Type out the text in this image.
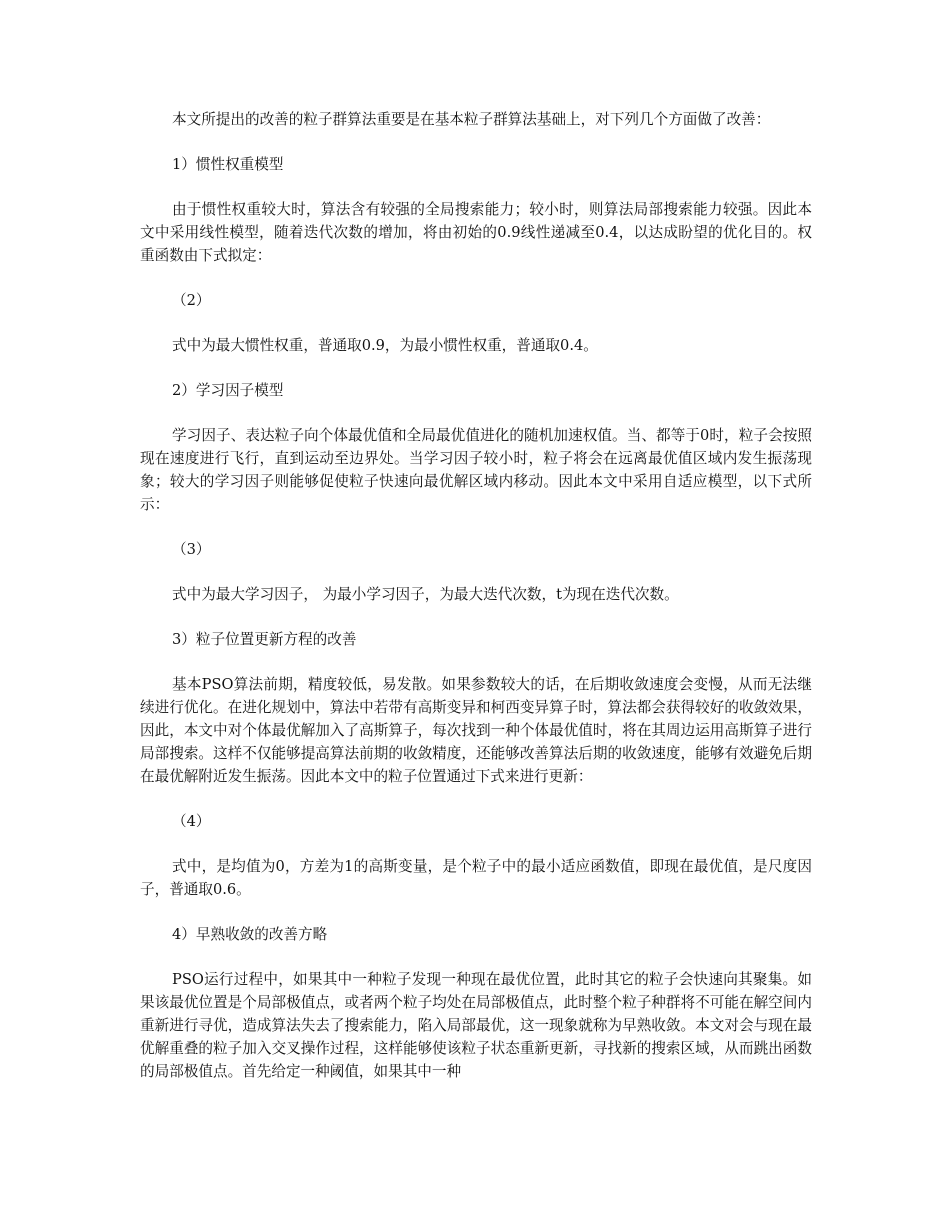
本文所提出的改善的粒子群算法重要是在基本粒子群算法基础上，对下列几个方面做了改善：

1）惯性权重模型

由于惯性权重较大时，算法含有较强的全局搜索能力；较小时，则算法局部搜索能力较强。因此本文中采用线性模型，随着迭代次数的增加，将由初始的0.9线性递减至0.4，以达成盼望的优化目的。权重函数由下式拟定：

（2）

式中为最大惯性权重，普通取0.9，为最小惯性权重，普通取0.4。

2）学习因子模型

学习因子、表达粒子向个体最优值和全局最优值进化的随机加速权值。当、都等于0时，粒子会按照现在速度进行飞行，直到运动至边界处。当学习因子较小时，粒子将会在远离最优值区域内发生振荡现象；较大的学习因子则能够促使粒子快速向最优解区域内移动。因此本文中采用自适应模型，以下式所示：

（3）

式中为最大学习因子， 为最小学习因子，为最大迭代次数，t为现在迭代次数。

3）粒子位置更新方程的改善

基本PSO算法前期，精度较低，易发散。如果参数较大的话，在后期收敛速度会变慢，从而无法继续进行优化。在进化规划中，算法中若带有高斯变异和柯西变异算子时，算法都会获得较好的收敛效果，因此，本文中对个体最优解加入了高斯算子，每次找到一种个体最优值时，将在其周边运用高斯算子进行局部搜索。这样不仅能够提高算法前期的收敛精度，还能够改善算法后期的收敛速度，能够有效避免后期在最优解附近发生振荡。因此本文中的粒子位置通过下式来进行更新：

（4）

式中，是均值为0，方差为1的高斯变量，是个粒子中的最小适应函数值，即现在最优值，是尺度因子，普通取0.6。

4）早熟收敛的改善方略

PSO运行过程中，如果其中一种粒子发现一种现在最优位置，此时其它的粒子会快速向其聚集。如果该最优位置是个局部极值点，或者两个粒子均处在局部极值点，此时整个粒子种群将不可能在解空间内重新进行寻优，造成算法失去了搜索能力，陷入局部最优，这一现象就称为早熟收敛。本文对会与现在最优解重叠的粒子加入交叉操作过程，这样能够使该粒子状态重新更新，寻找新的搜索区域，从而跳出函数的局部极值点。首先给定一种阈值，如果其中一种
